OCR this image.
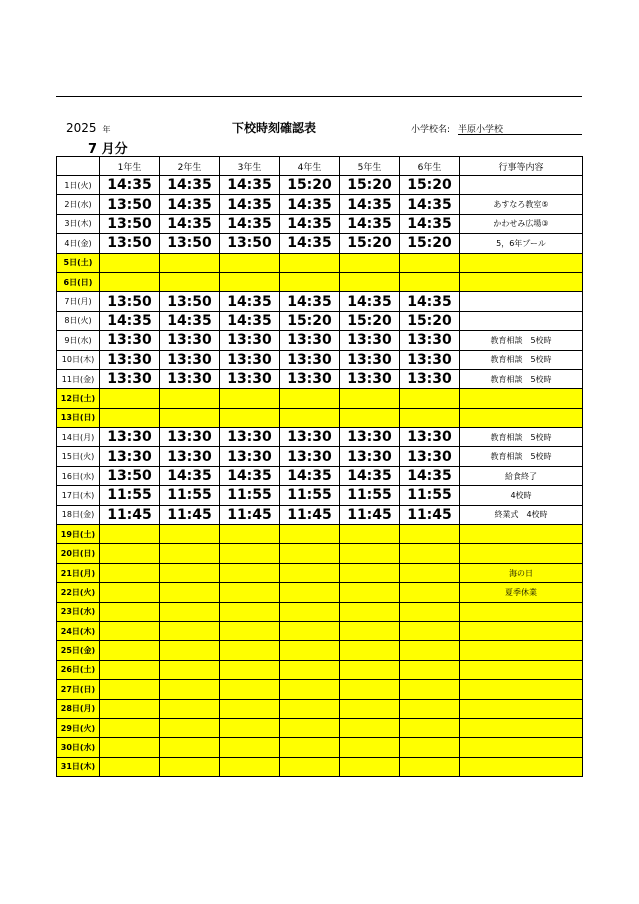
2025 年	下校時刻確認表	小学校名: 半原小学校
7 月分
	1年生	2年生	3年生	4年生	5年生	6年生	行事等内容
1日(火)	14:35	14:35	14:35	15:20	15:20	15:20	
2日(水)	13:50	14:35	14:35	14:35	14:35	14:35	あすなろ教室⑤
3日(木)	13:50	14:35	14:35	14:35	14:35	14:35	かわせみ広場③
4日(金)	13:50	13:50	13:50	14:35	15:20	15:20	5，6年プール
5日(土)							
6日(日)							
7日(月)	13:50	13:50	14:35	14:35	14:35	14:35	
8日(火)	14:35	14:35	14:35	15:20	15:20	15:20	
9日(水)	13:30	13:30	13:30	13:30	13:30	13:30	教育相談　5校時
10日(木)	13:30	13:30	13:30	13:30	13:30	13:30	教育相談　5校時
11日(金)	13:30	13:30	13:30	13:30	13:30	13:30	教育相談　5校時
12日(土)							
13日(日)							
14日(月)	13:30	13:30	13:30	13:30	13:30	13:30	教育相談　5校時
15日(火)	13:30	13:30	13:30	13:30	13:30	13:30	教育相談　5校時
16日(水)	13:50	14:35	14:35	14:35	14:35	14:35	給食終了
17日(木)	11:55	11:55	11:55	11:55	11:55	11:55	4校時
18日(金)	11:45	11:45	11:45	11:45	11:45	11:45	終業式　4校時
19日(土)							
20日(日)							
21日(月)							海の日
22日(火)							夏季休業
23日(水)							
24日(木)							
25日(金)							
26日(土)							
27日(日)							
28日(月)							
29日(火)							
30日(水)							
31日(木)							
